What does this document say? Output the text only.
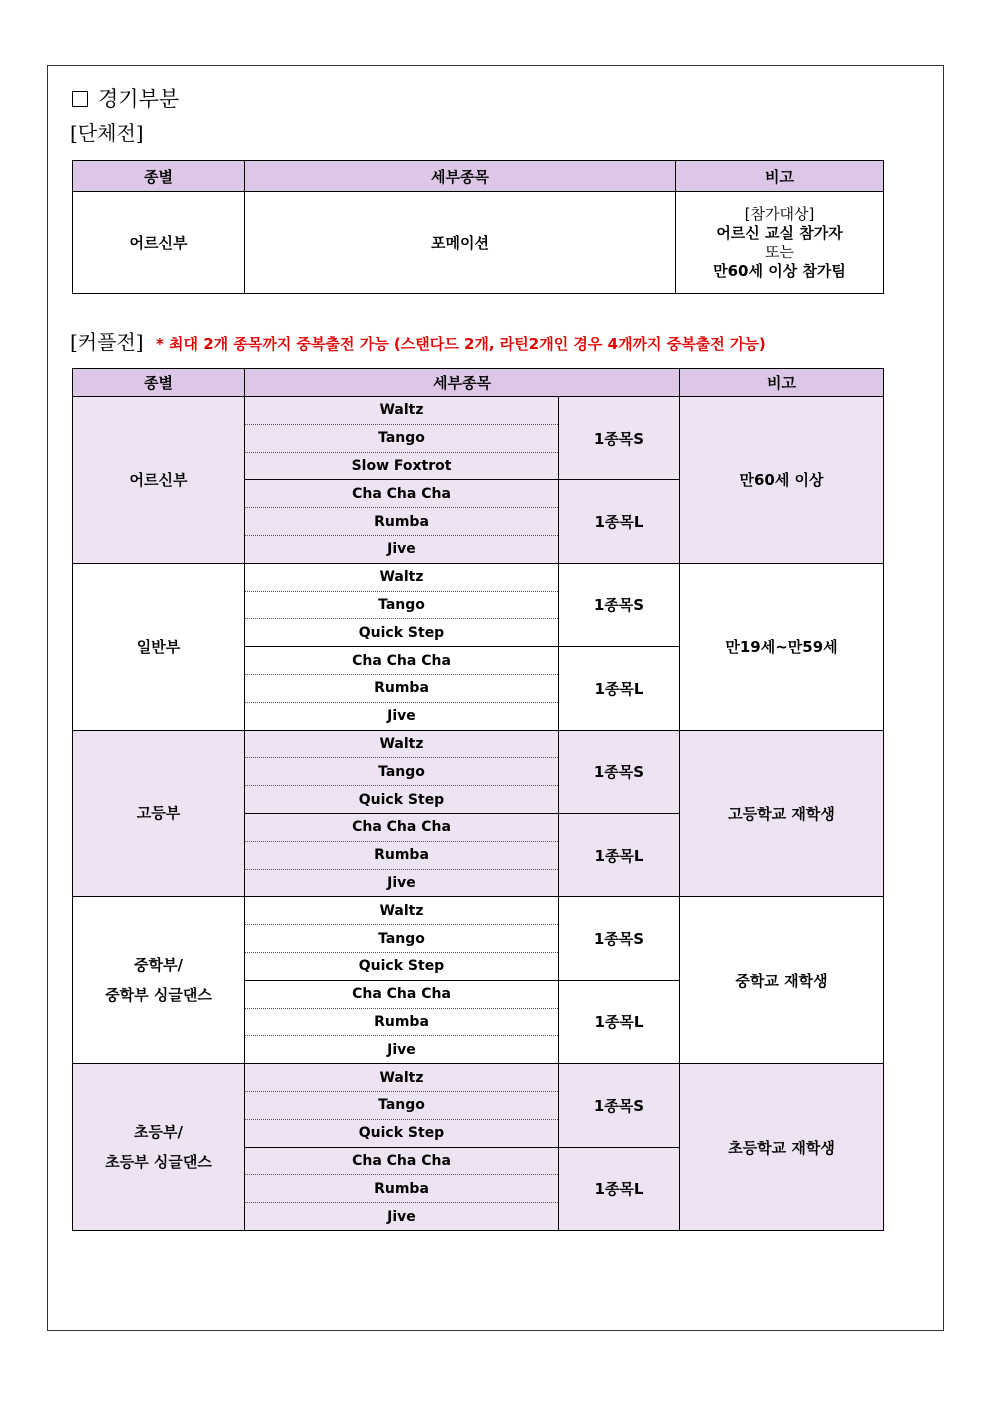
경기부분
[단체전]
종별	세부종목	비고
어르신부	포메이션	[참가대상]
어르신 교실 참가자
또는
만60세 이상 참가팀
[커플전] * 최대 2개 종목까지 중복출전 가능 (스탠다드 2개, 라틴2개인 경우 4개까지 중복출전 가능)
종별	세부종목		비고

어르신부	Waltz	1종목S	만60세 이상
	Tango		
	Slow Foxtrot		
	Cha Cha Cha	1종목L	
	Rumba		
	Jive		

일반부	Waltz	1종목S	만19세~만59세
	Tango		
	Quick Step		
	Cha Cha Cha	1종목L	
	Rumba		
	Jive		

고등부	Waltz	1종목S	고등학교 재학생
	Tango		
	Quick Step		
	Cha Cha Cha	1종목L	
	Rumba		
	Jive		

중학부/
중학부 싱글댄스	Waltz	1종목S	중학교 재학생
	Tango		
	Quick Step		
	Cha Cha Cha	1종목L	
	Rumba		
	Jive		

초등부/
초등부 싱글댄스	Waltz	1종목S	초등학교 재학생
	Tango		
	Quick Step		
	Cha Cha Cha	1종목L	
	Rumba		
	Jive		
